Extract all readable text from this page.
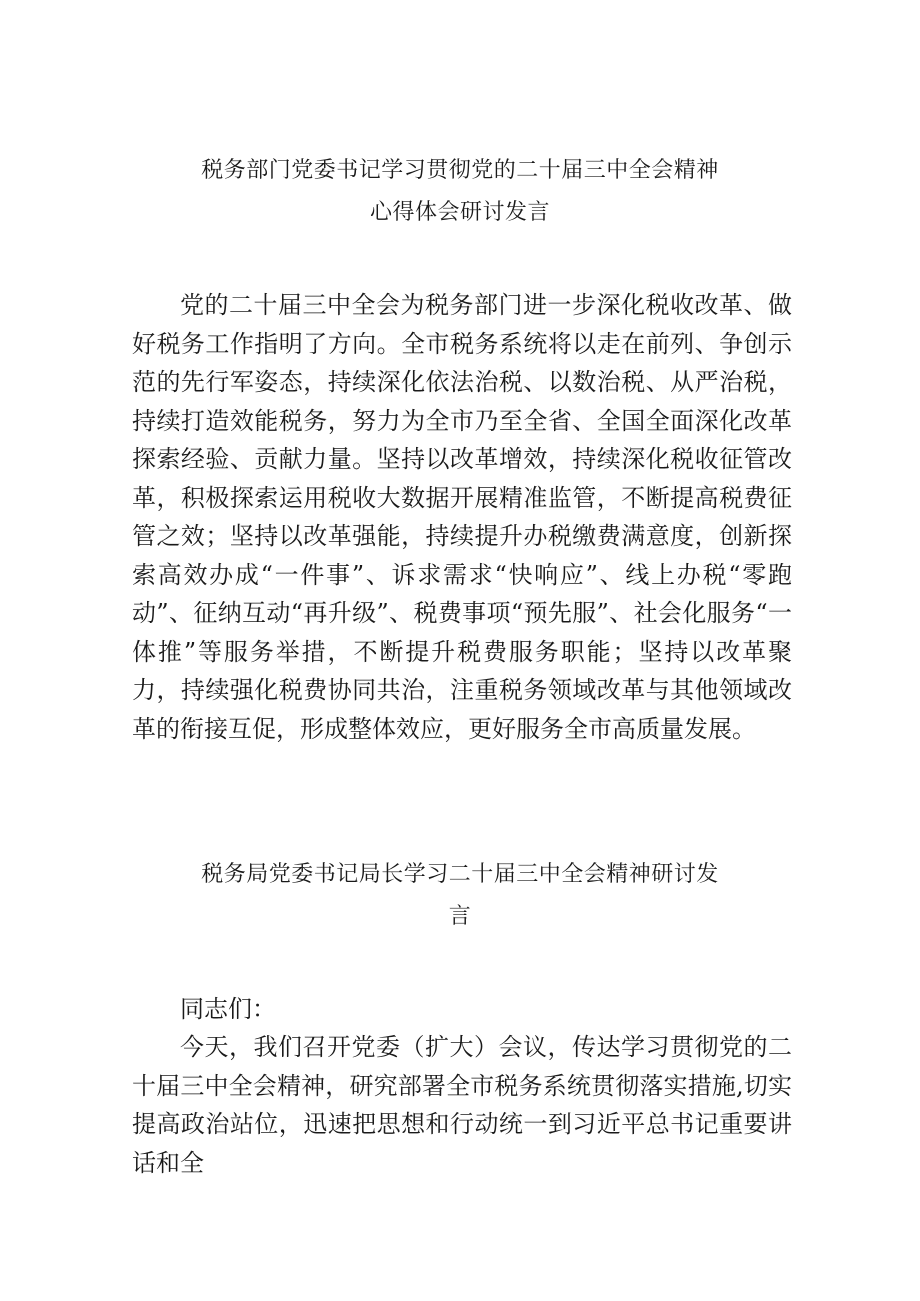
税务部门党委书记学习贯彻党的二十届三中全会精神
心得体会研讨发言

党的二十届三中全会为税务部门进一步深化税收改革、做好税务工作指明了方向。全市税务系统将以走在前列、争创示范的先行军姿态，持续深化依法治税、以数治税、从严治税，持续打造效能税务，努力为全市乃至全省、全国全面深化改革探索经验、贡献力量。坚持以改革增效，持续深化税收征管改革，积极探索运用税收大数据开展精准监管，不断提高税费征管之效；坚持以改革强能，持续提升办税缴费满意度，创新探索高效办成“一件事”、诉求需求“快响应”、线上办税“零跑动”、征纳互动“再升级”、税费事项“预先服”、社会化服务“一体推”等服务举措，不断提升税费服务职能；坚持以改革聚力，持续强化税费协同共治，注重税务领域改革与其他领域改革的衔接互促，形成整体效应，更好服务全市高质量发展。

税务局党委书记局长学习二十届三中全会精神研讨发
言

同志们：

今天，我们召开党委（扩大）会议，传达学习贯彻党的二十届三中全会精神，研究部署全市税务系统贯彻落实措施,切实提高政治站位，迅速把思想和行动统一到习近平总书记重要讲话和全
